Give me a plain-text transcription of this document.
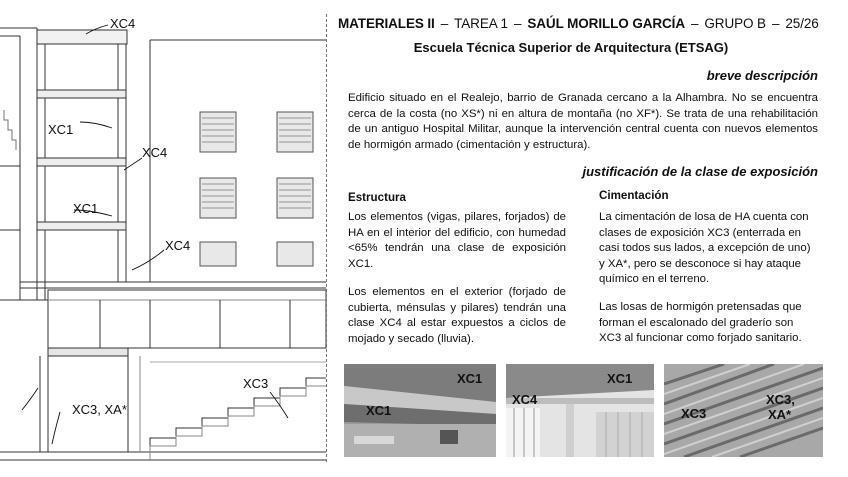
XC4
XC1
XC4
XC1
XC4
XC3
XC3, XA*
MATERIALES II – TAREA 1 – SAÚL MORILLO GARCÍA – GRUPO B – 25/26
Escuela Técnica Superior de Arquitectura (ETSAG)
breve descripción
Edificio situado en el Realejo, barrio de Granada cercano a la Alhambra. No se encuentra cerca de la costa (no XS*) ni en altura de montaña (no XF*). Se trata de una rehabilitación de un antiguo Hospital Militar, aunque la intervención central cuenta con nuevos elementos de hormigón armado (cimentación y estructura).
justificación de la clase de exposición
Estructura
Los elementos (vigas, pilares, forjados) de HA en el interior del edificio, con humedad <65% tendrán una clase de exposición XC1.
Los elementos en el exterior (forjado de cubierta, ménsulas y pilares) tendrán una clase XC4 al estar expuestos a ciclos de mojado y secado (lluvia).
Cimentación
La cimentación de losa de HA cuenta con clases de exposición XC3 (enterrada en casi todos sus lados, a excepción de uno) y XA*, pero se desconoce si hay ataque químico en el terreno.
Las losas de hormigón pretensadas que forman el escalonado del graderío son XC3 al funcionar como forjado sanitario.
XC1
XC1
XC1
XC4
XC3
XC3,
XA*
